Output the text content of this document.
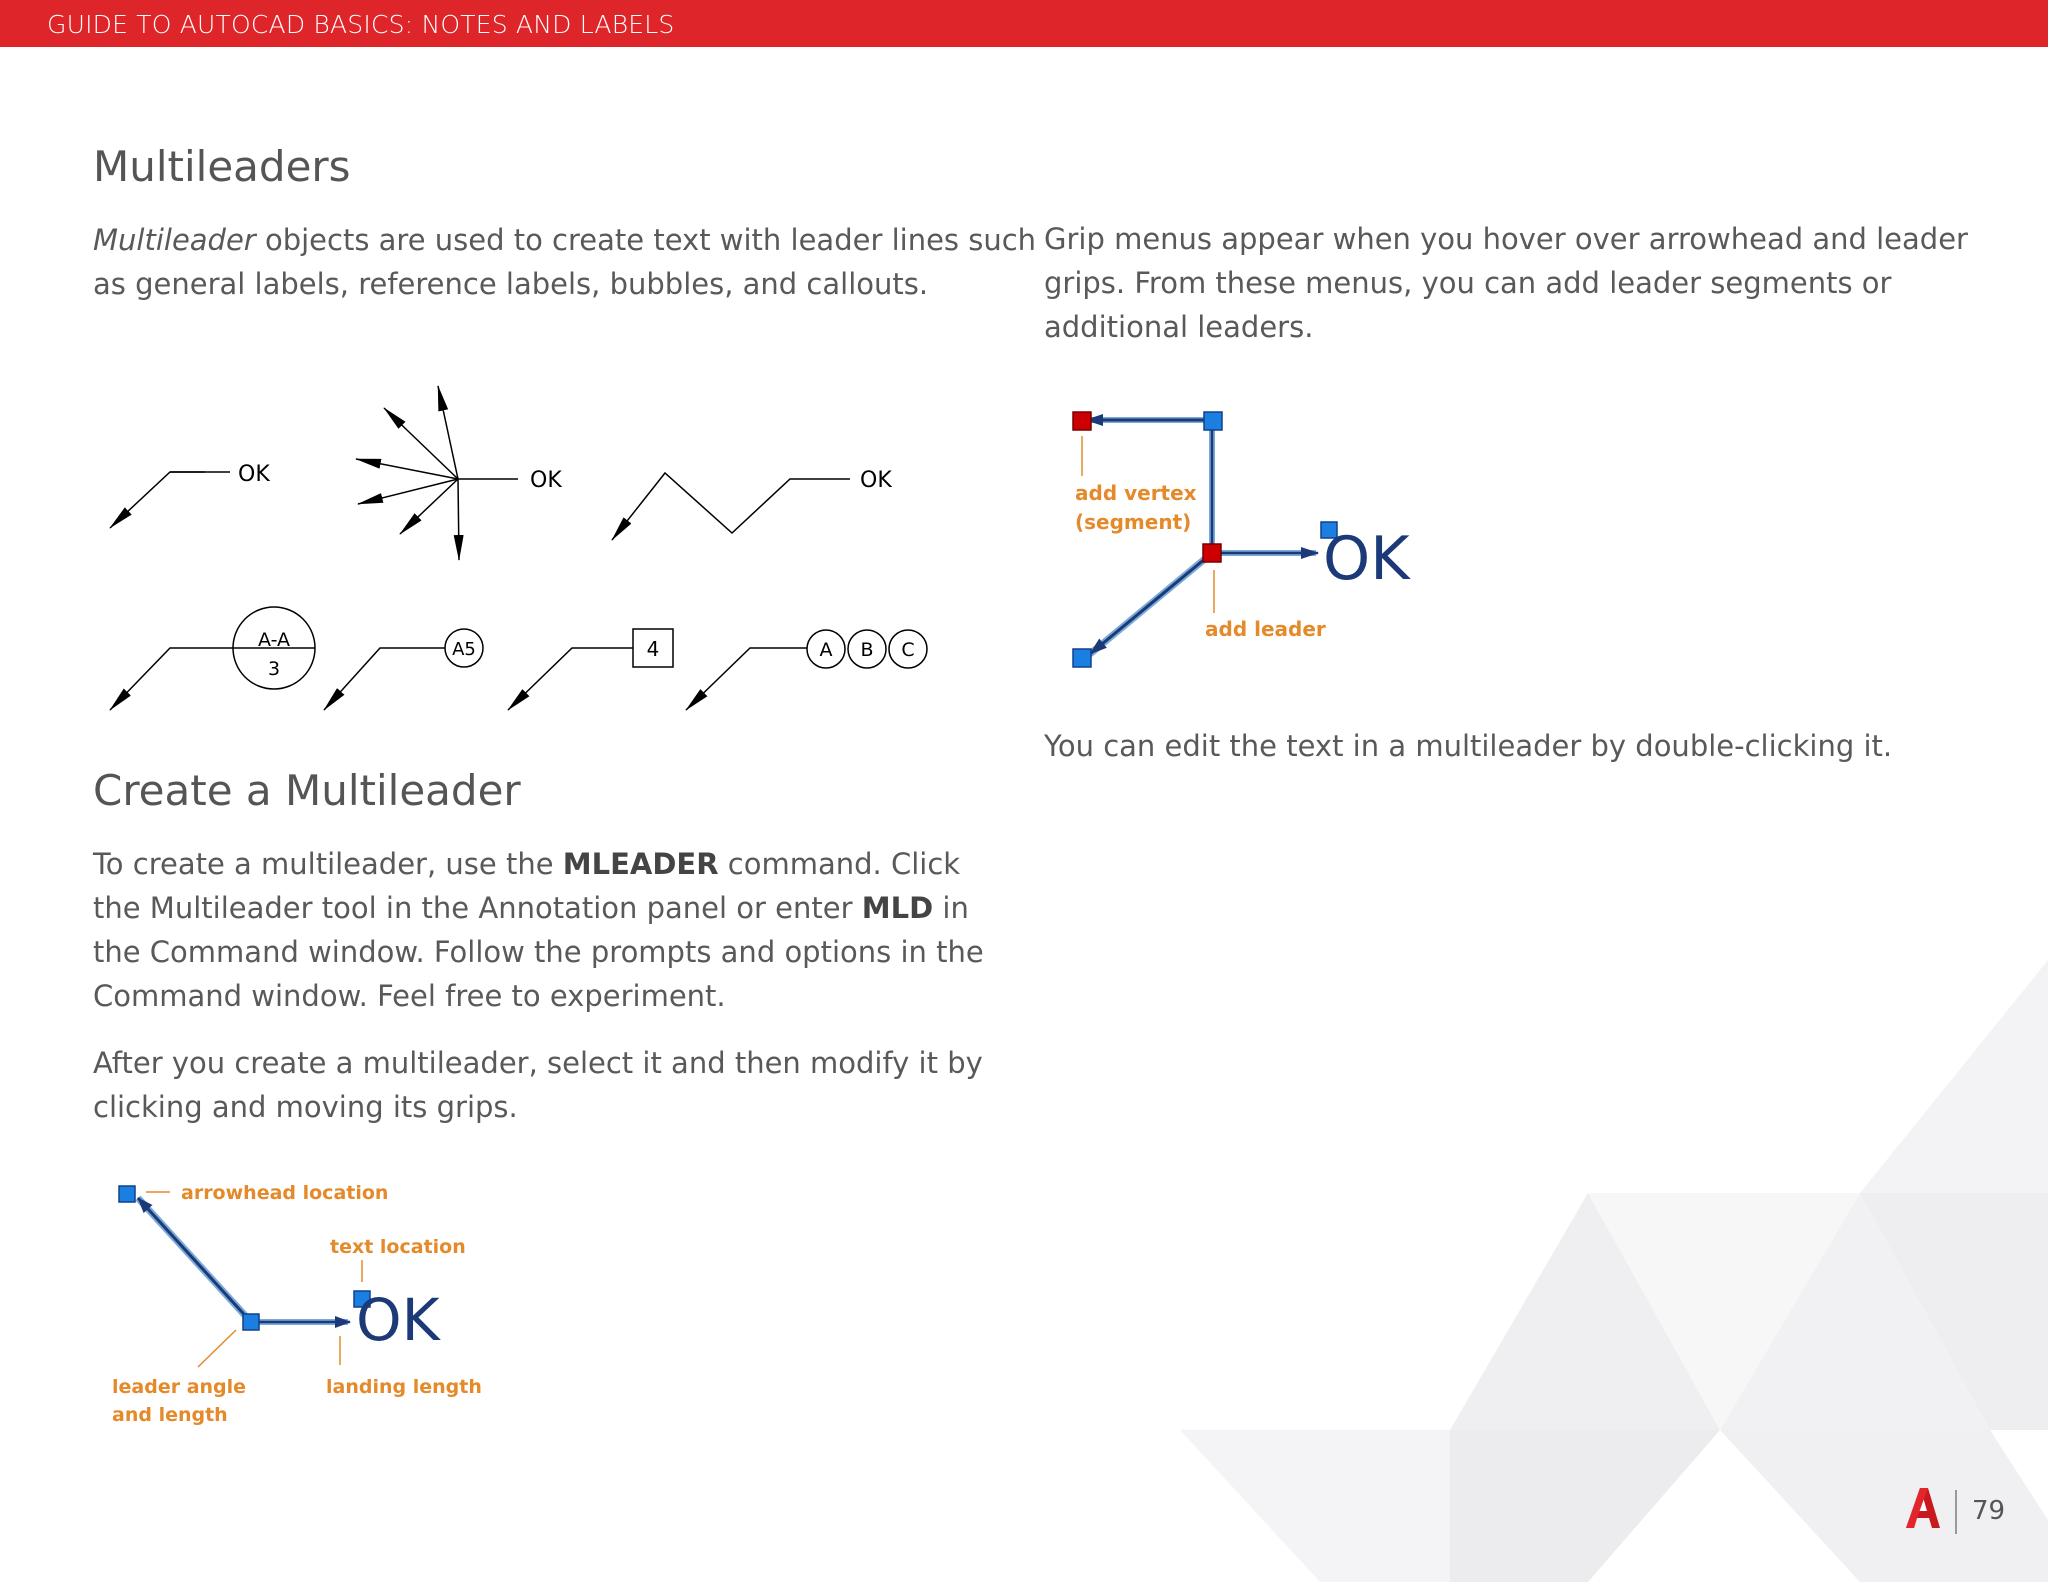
GUIDE TO AUTOCAD BASICS: NOTES AND LABELS
Multileaders

Multileader objects are used to create text with leader lines such
as general labels, reference labels, bubbles, and callouts.

OK	OK	OK
A-A
3
A5	4	A B C
Create a Multileader

To create a multileader, use the MLEADER command. Click
the Multileader tool in the Annotation panel or enter MLD in
the Command window. Follow the prompts and options in the
Command window. Feel free to experiment.

After you create a multileader, select it and then modify it by
clicking and moving its grips.

OK
arrowhead location
text location
leader angle
and length
landing length

Grip menus appear when you hover over arrowhead and leader
grips. From these menus, you can add leader segments or
additional leaders.

OK
add vertex
(segment)
add leader

You can edit the text in a multileader by double-clicking it.

79
